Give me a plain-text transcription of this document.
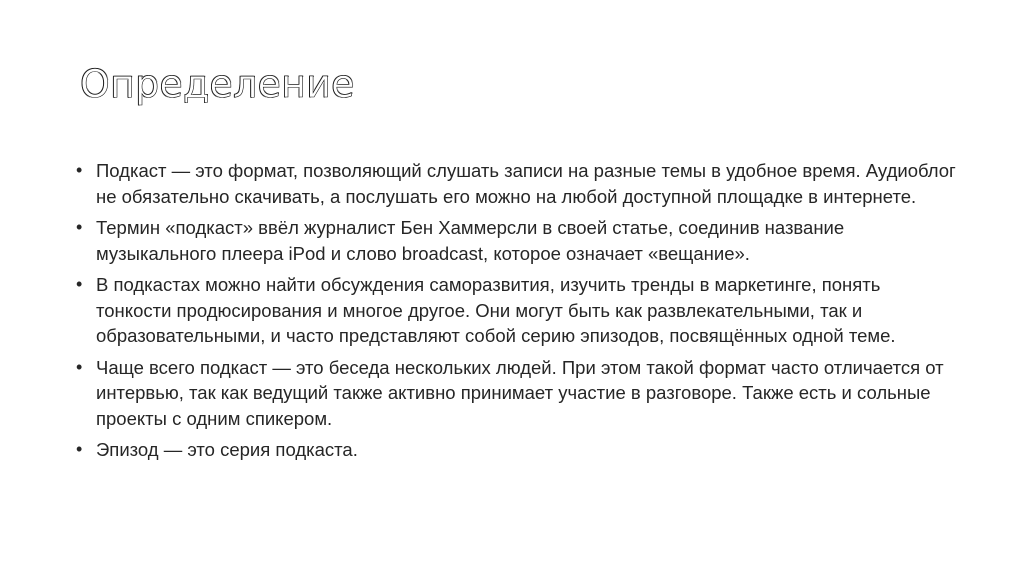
Определение
• Подкаст — это формат, позволяющий слушать записи на разные темы в удобное время. Аудиоблог не обязательно скачивать, а послушать его можно на любой доступной площадке в интернете.
• Термин «подкаст» ввёл журналист Бен Хаммерсли в своей статье, соединив название музыкального плеера iPod и слово broadcast, которое означает «вещание».
• В подкастах можно найти обсуждения саморазвития, изучить тренды в маркетинге, понять тонкости продюсирования и многое другое. Они могут быть как развлекательными, так и образовательными, и часто представляют собой серию эпизодов, посвящённых одной теме.
• Чаще всего подкаст — это беседа нескольких людей. При этом такой формат часто отличается от интервью, так как ведущий также активно принимает участие в разговоре. Также есть и сольные проекты с одним спикером.
• Эпизод — это серия подкаста.
